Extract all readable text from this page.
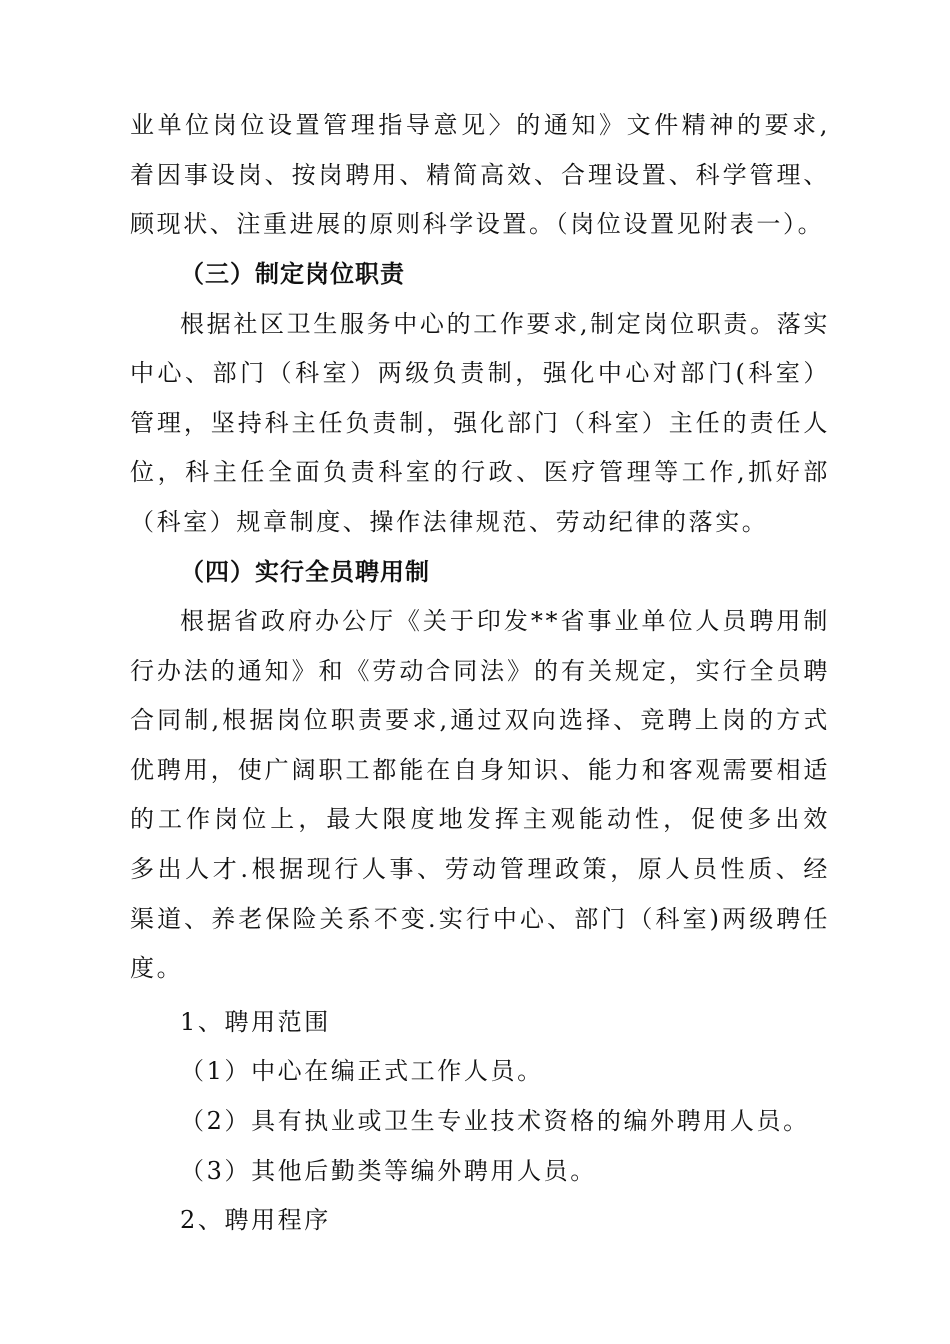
业单位岗位设置管理指导意见〉的通知》文件精神的要求,
着因事设岗、按岗聘用、精简高效、合理设置、科学管理、
顾现状、注重进展的原则科学设置。（岗位设置见附表一）。
（三）制定岗位职责
根据社区卫生服务中心的工作要求,制定岗位职责。落实
中心、部门（科室）两级负责制，强化中心对部门(科室）
管理，坚持科主任负责制，强化部门（科室）主任的责任人
位，科主任全面负责科室的行政、医疗管理等工作,抓好部
（科室）规章制度、操作法律规范、劳动纪律的落实。
（四）实行全员聘用制
根据省政府办公厅《关于印发**省事业单位人员聘用制
行办法的通知》和《劳动合同法》的有关规定，实行全员聘
合同制,根据岗位职责要求,通过双向选择、竞聘上岗的方式
优聘用，使广阔职工都能在自身知识、能力和客观需要相适
的工作岗位上，最大限度地发挥主观能动性，促使多出效
多出人才.根据现行人事、劳动管理政策，原人员性质、经
渠道、养老保险关系不变.实行中心、部门（科室)两级聘任
度。
1、聘用范围
（1）中心在编正式工作人员。
（2）具有执业或卫生专业技术资格的编外聘用人员。
（3）其他后勤类等编外聘用人员。
2、聘用程序
